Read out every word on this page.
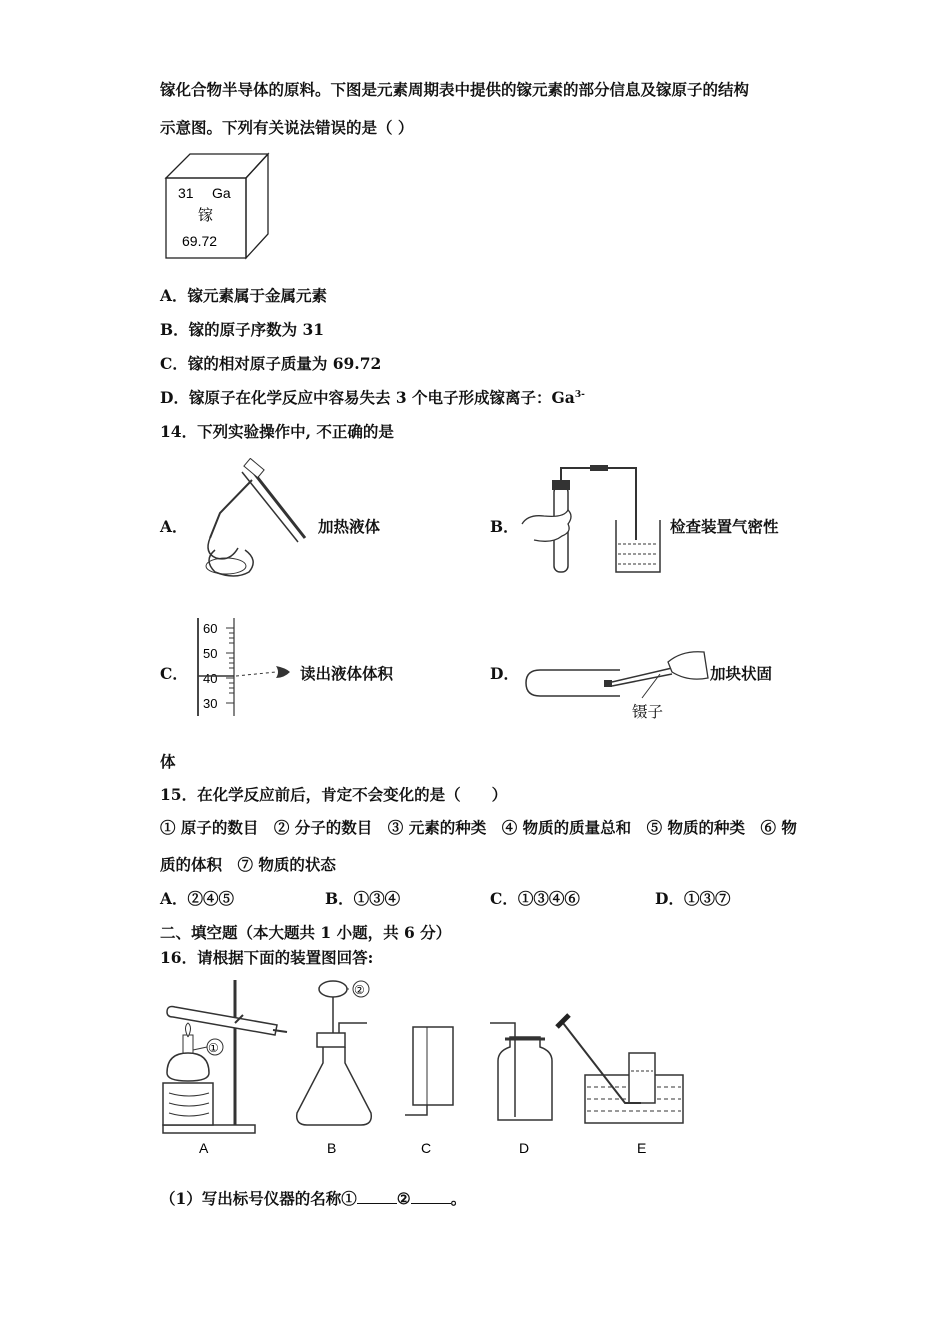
镓化合物半导体的原料。下图是元素周期表中提供的镓元素的部分信息及镓原子的结构
示意图。下列有关说法错误的是（ ）
31 Ga
镓
69.72
A．镓元素属于金属元素
B．镓的原子序数为 31
C．镓的相对原子质量为 69.72
D．镓原子在化学反应中容易失去 3 个电子形成镓离子：$Ga^{3-}$
14．下列实验操作中, 不正确的是
A．	加热液体	B．	检查装置气密性
C．
60
50
40
30
读出液体体积	D．	加块状固
镊子
体
15．在化学反应前后，肯定不会变化的是（　　）
① 原子的数目　② 分子的数目　③ 元素的种类　④ 物质的质量总和　⑤ 物质的种类　⑥ 物
质的体积　⑦ 物质的状态
A．②④⑤	B．①③④	C．①③④⑥	D．①③⑦
二、填空题（本大题共 1 小题，共 6 分）
16．请根据下面的装置图回答:
①
②
A	B	C	D	E
（1）写出标号仪器的名称①	②	。
